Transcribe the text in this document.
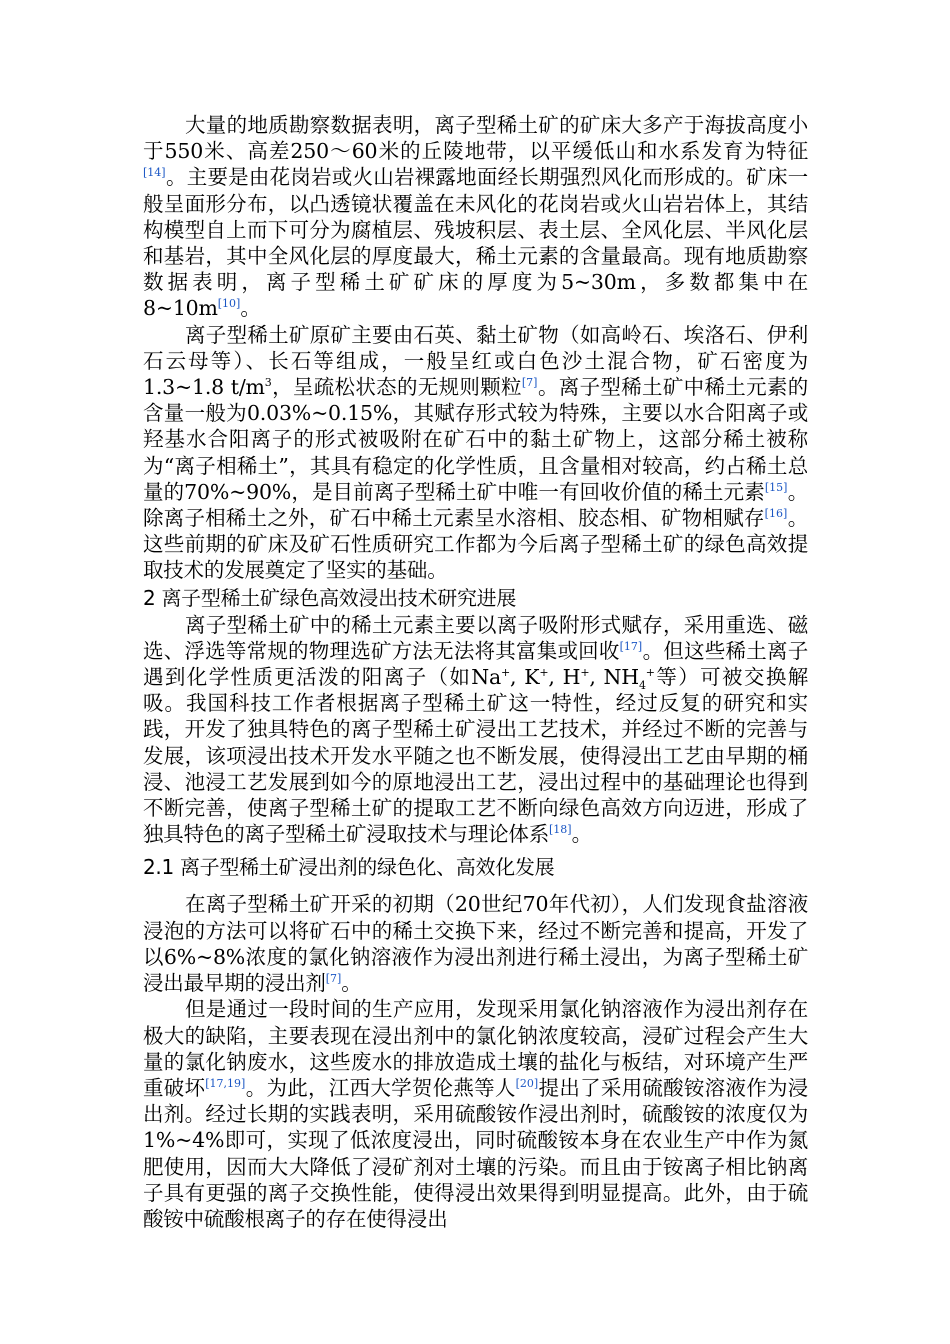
大量的地质勘察数据表明，离子型稀土矿的矿床大多产于海拔高度小于550米、高差250～60米的丘陵地带，以平缓低山和水系发育为特征[14]。主要是由花岗岩或火山岩裸露地面经长期强烈风化而形成的。矿床一般呈面形分布，以凸透镜状覆盖在未风化的花岗岩或火山岩岩体上，其结构模型自上而下可分为腐植层、残坡积层、表土层、全风化层、半风化层和基岩，其中全风化层的厚度最大，稀土元素的含量最高。现有地质勘察数据表明，离子型稀土矿矿床的厚度为5~30m，多数都集中在8~10m[10]。

离子型稀土矿原矿主要由石英、黏土矿物（如高岭石、埃洛石、伊利石云母等）、长石等组成，一般呈红或白色沙土混合物，矿石密度为1.3~1.8 $t/m^3$，呈疏松状态的无规则颗粒[7]。离子型稀土矿中稀土元素的含量一般为0.03%~0.15%，其赋存形式较为特殊，主要以水合阳离子或羟基水合阳离子的形式被吸附在矿石中的黏土矿物上，这部分稀土被称为“离子相稀土”，其具有稳定的化学性质，且含量相对较高，约占稀土总量的70%~90%，是目前离子型稀土矿中唯一有回收价值的稀土元素[15]。除离子相稀土之外，矿石中稀土元素呈水溶相、胶态相、矿物相赋存[16]。这些前期的矿床及矿石性质研究工作都为今后离子型稀土矿的绿色高效提取技术的发展奠定了坚实的基础。

2 离子型稀土矿绿色高效浸出技术研究进展

离子型稀土矿中的稀土元素主要以离子吸附形式赋存，采用重选、磁选、浮选等常规的物理选矿方法无法将其富集或回收[17]。但这些稀土离子遇到化学性质更活泼的阳离子（如Na+, K+, H+, $NH_4^+$等）可被交换解吸。我国科技工作者根据离子型稀土矿这一特性，经过反复的研究和实践，开发了独具特色的离子型稀土矿浸出工艺技术，并经过不断的完善与发展，该项浸出技术开发水平随之也不断发展，使得浸出工艺由早期的桶浸、池浸工艺发展到如今的原地浸出工艺，浸出过程中的基础理论也得到不断完善，使离子型稀土矿的提取工艺不断向绿色高效方向迈进，形成了独具特色的离子型稀土矿浸取技术与理论体系[18]。

2.1 离子型稀土矿浸出剂的绿色化、高效化发展

在离子型稀土矿开采的初期（20世纪70年代初），人们发现食盐溶液浸泡的方法可以将矿石中的稀土交换下来，经过不断完善和提高，开发了以6%~8%浓度的氯化钠溶液作为浸出剂进行稀土浸出，为离子型稀土矿浸出最早期的浸出剂[7]。

但是通过一段时间的生产应用，发现采用氯化钠溶液作为浸出剂存在极大的缺陷，主要表现在浸出剂中的氯化钠浓度较高，浸矿过程会产生大量的氯化钠废水，这些废水的排放造成土壤的盐化与板结，对环境产生严重破坏[17,19]。为此，江西大学贺伦燕等人[20]提出了采用硫酸铵溶液作为浸出剂。经过长期的实践表明，采用硫酸铵作浸出剂时，硫酸铵的浓度仅为1%~4%即可，实现了低浓度浸出，同时硫酸铵本身在农业生产中作为氮肥使用，因而大大降低了浸矿剂对土壤的污染。而且由于铵离子相比钠离子具有更强的离子交换性能，使得浸出效果得到明显提高。此外，由于硫酸铵中硫酸根离子的存在使得浸出
